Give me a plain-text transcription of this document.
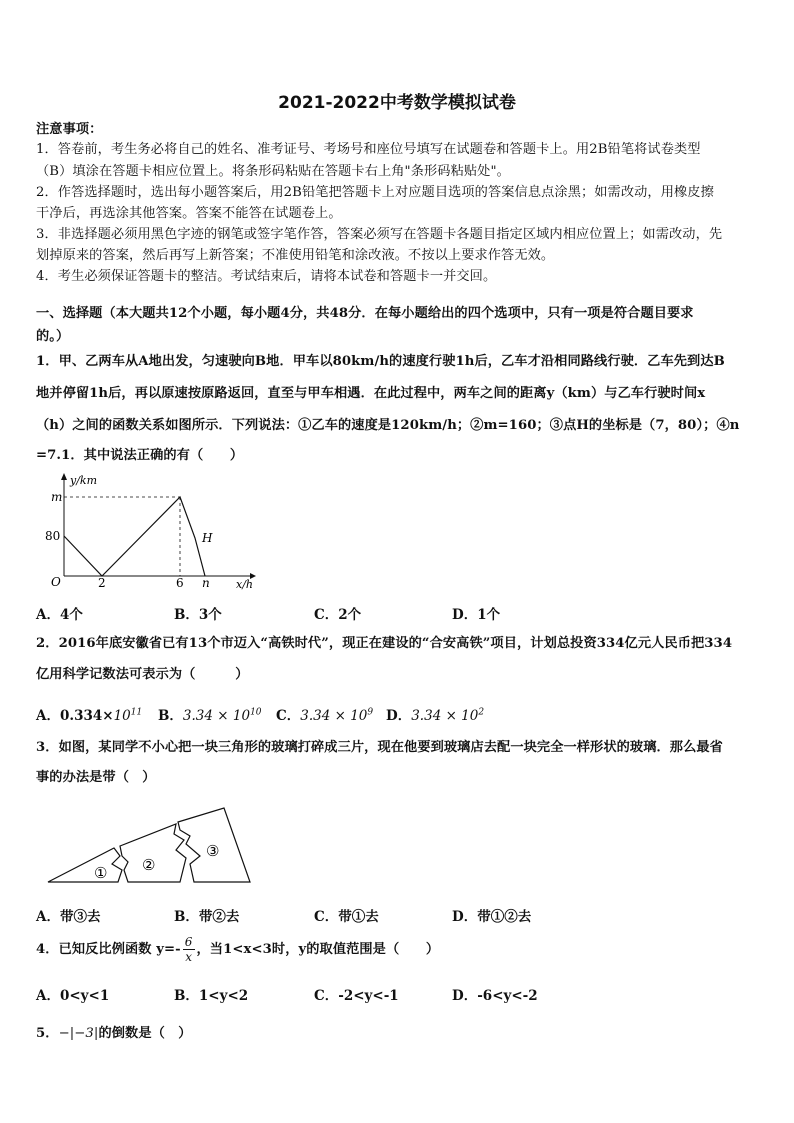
2021-2022中考数学模拟试卷
注意事项：
1．答卷前，考生务必将自己的姓名、准考证号、考场号和座位号填写在试题卷和答题卡上。用2B铅笔将试卷类型
（B）填涂在答题卡相应位置上。将条形码粘贴在答题卡右上角"条形码粘贴处"。
2．作答选择题时，选出每小题答案后，用2B铅笔把答题卡上对应题目选项的答案信息点涂黑；如需改动，用橡皮擦
干净后，再选涂其他答案。答案不能答在试题卷上。
3．非选择题必须用黑色字迹的钢笔或签字笔作答，答案必须写在答题卡各题目指定区域内相应位置上；如需改动，先
划掉原来的答案，然后再写上新答案；不准使用铅笔和涂改液。不按以上要求作答无效。
4．考生必须保证答题卡的整洁。考试结束后，请将本试卷和答题卡一并交回。
一、选择题（本大题共12个小题，每小题4分，共48分．在每小题给出的四个选项中，只有一项是符合题目要求
的。）
1．甲、乙两车从A地出发，匀速驶向B地．甲车以80km/h的速度行驶1h后，乙车才沿相同路线行驶．乙车先到达B
地并停留1h后，再以原速按原路返回，直至与甲车相遇．在此过程中，两车之间的距离y（km）与乙车行驶时间x
（h）之间的函数关系如图所示．下列说法：①乙车的速度是120km/h；②m=160；③点H的坐标是（7，80）；④n
=7.1．其中说法正确的有（　　）
y/km
m
80
O	2	6 n
H
x/h
A．4个	B．3个	C．2个	D．1个
2．2016年底安徽省已有13个市迈入“高铁时代”，现正在建设的“合安高铁”项目，计划总投资334亿元人民币把334
亿用科学记数法可表示为（　　　）
A．$0.334\times 10^{11}$ B．$3.34 \times 10^{10}$ C．$3.34 \times 10^9$ D．$3.34 \times 10^2$
3．如图，某同学不小心把一块三角形的玻璃打碎成三片，现在他要到玻璃店去配一块完全一样形状的玻璃．那么最省
事的办法是带（　）
① ②
③
A．带③去	B．带②去	C．带①去	D．带①②去
4．已知反比例函数 $y=- \frac{6}{x}$ ，当1<x<3时，y的取值范围是（　　）
A．0<y<1	B．1<y<2	C．-2<y<-1	D．-6<y<-2
5．−|−3|的倒数是（　）
